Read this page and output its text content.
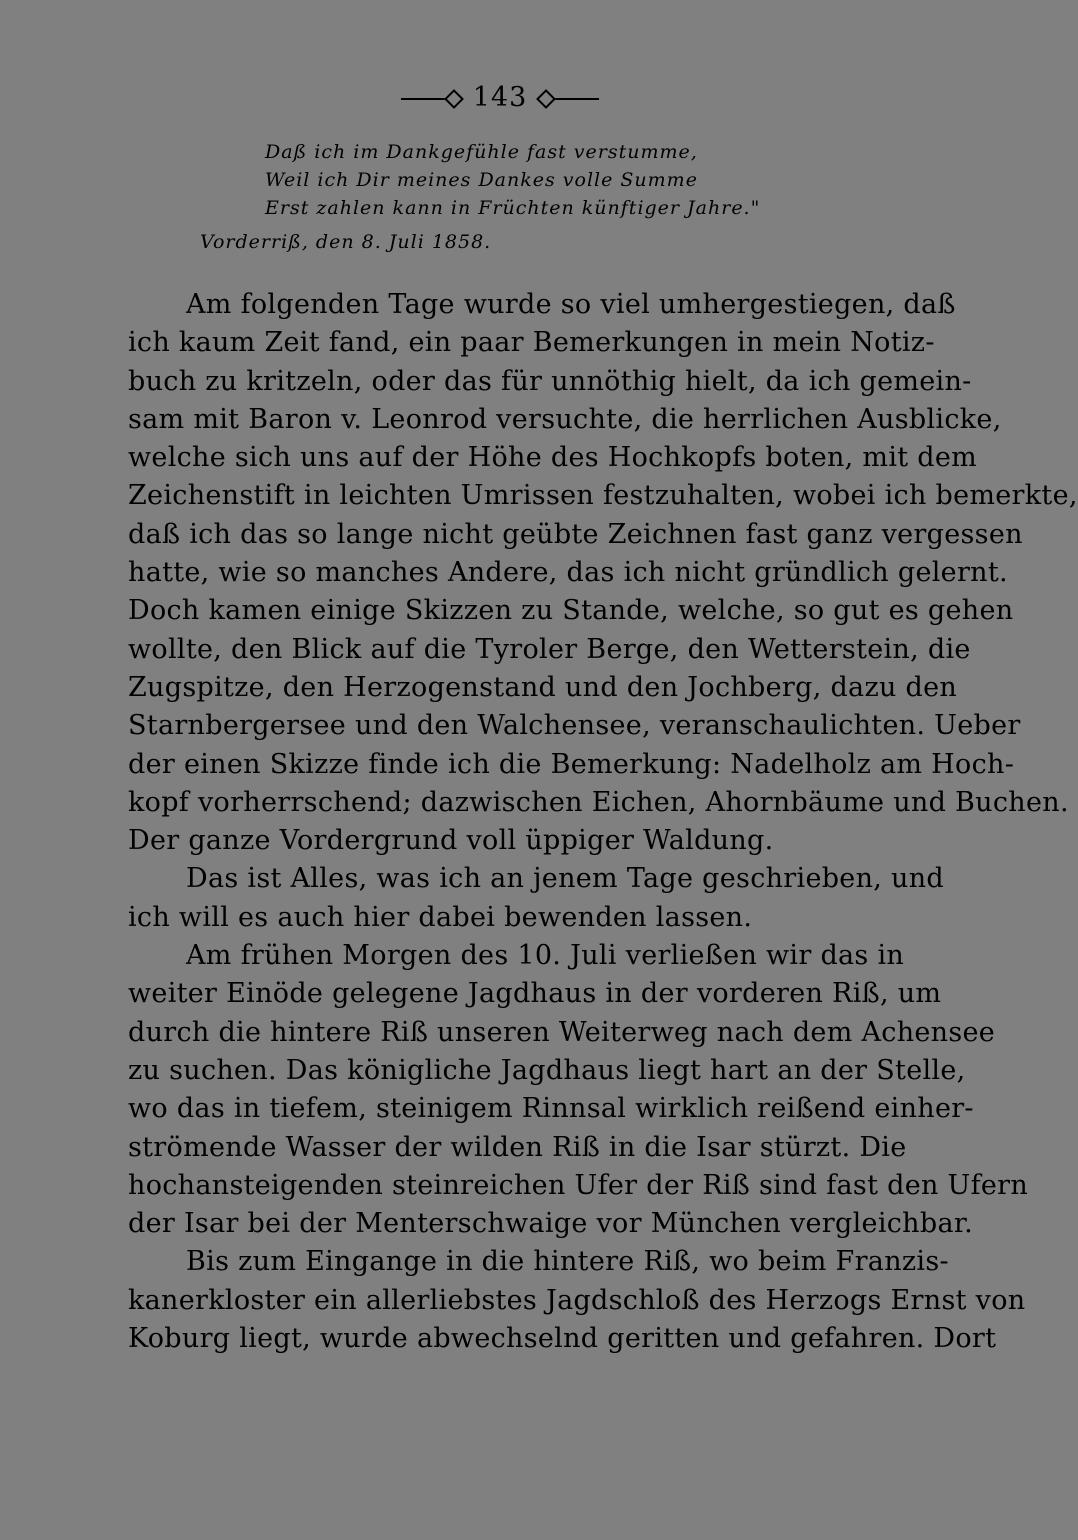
143
Daß ich im Dankgefühle fast verstumme,
Weil ich Dir meines Dankes volle Summe
Erst zahlen kann in Früchten künftiger Jahre."
Vorderriß, den 8. Juli 1858.
Am folgenden Tage wurde so viel umhergestiegen, daß
ich kaum Zeit fand, ein paar Bemerkungen in mein Notiz-
buch zu kritzeln, oder das für unnöthig hielt, da ich gemein-
sam mit Baron v. Leonrod versuchte, die herrlichen Ausblicke,
welche sich uns auf der Höhe des Hochkopfs boten, mit dem
Zeichenstift in leichten Umrissen festzuhalten, wobei ich bemerkte,
daß ich das so lange nicht geübte Zeichnen fast ganz vergessen
hatte, wie so manches Andere, das ich nicht gründlich gelernt.
Doch kamen einige Skizzen zu Stande, welche, so gut es gehen
wollte, den Blick auf die Tyroler Berge, den Wetterstein, die
Zugspitze, den Herzogenstand und den Jochberg, dazu den
Starnbergersee und den Walchensee, veranschaulichten. Ueber
der einen Skizze finde ich die Bemerkung: Nadelholz am Hoch-
kopf vorherrschend; dazwischen Eichen, Ahornbäume und Buchen.
Der ganze Vordergrund voll üppiger Waldung.
Das ist Alles, was ich an jenem Tage geschrieben, und
ich will es auch hier dabei bewenden lassen.
Am frühen Morgen des 10. Juli verließen wir das in
weiter Einöde gelegene Jagdhaus in der vorderen Riß, um
durch die hintere Riß unseren Weiterweg nach dem Achensee
zu suchen. Das königliche Jagdhaus liegt hart an der Stelle,
wo das in tiefem, steinigem Rinnsal wirklich reißend einher-
strömende Wasser der wilden Riß in die Isar stürzt. Die
hochansteigenden steinreichen Ufer der Riß sind fast den Ufern
der Isar bei der Menterschwaige vor München vergleichbar.
Bis zum Eingange in die hintere Riß, wo beim Franzis-
kanerkloster ein allerliebstes Jagdschloß des Herzogs Ernst von
Koburg liegt, wurde abwechselnd geritten und gefahren. Dort
